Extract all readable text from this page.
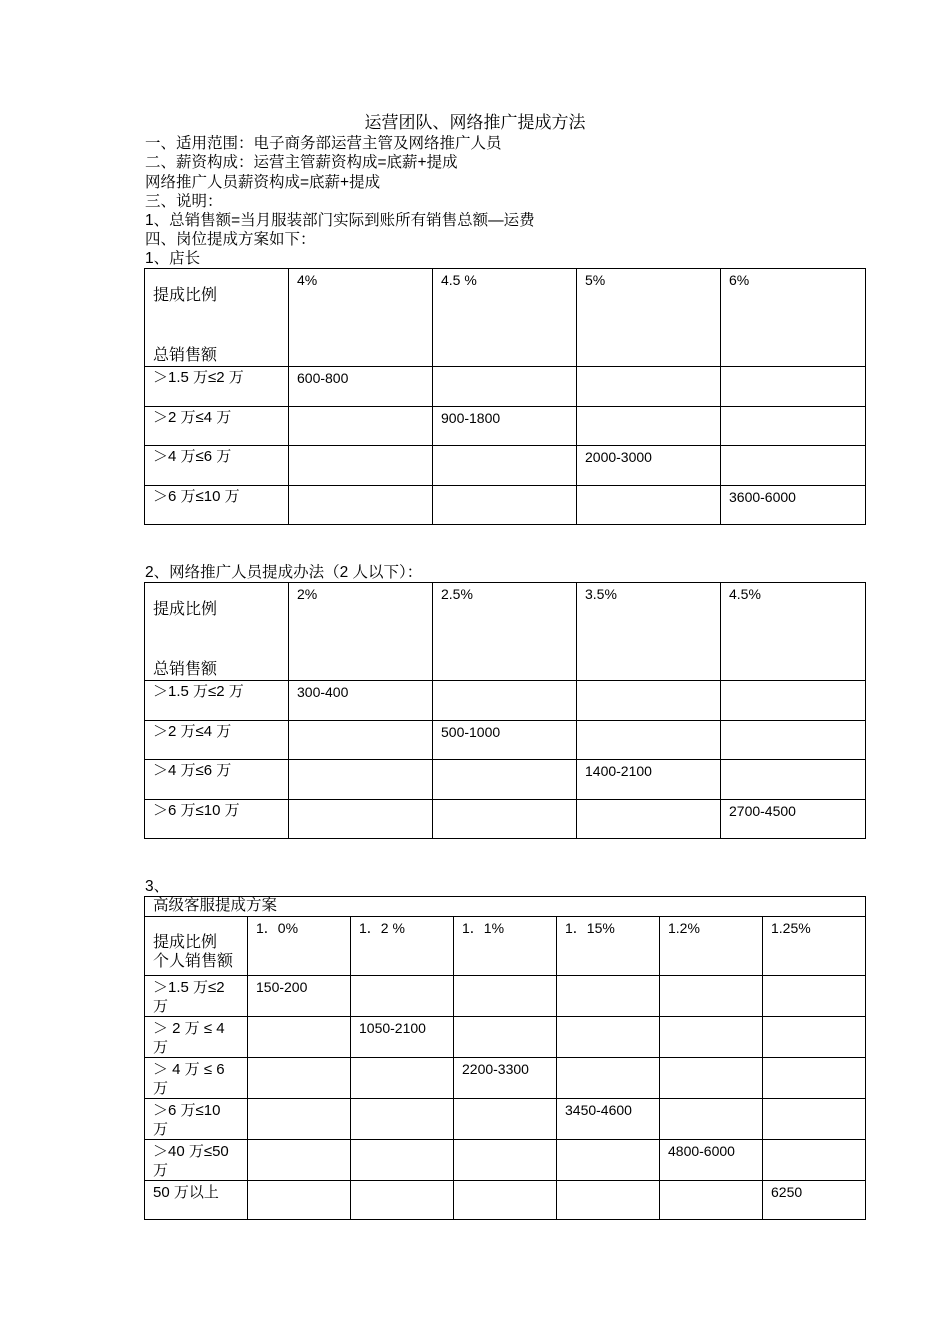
运营团队、网络推广提成方法
一、适用范围：电子商务部运营主管及网络推广人员
二、薪资构成：运营主管薪资构成=底薪+提成
网络推广人员薪资构成=底薪+提成
三、说明：
1、总销售额=当月服装部门实际到账所有销售总额—运费
四、岗位提成方案如下：
1、店长
提成比例
总销售额	4%	4.5 %	5%	6%
＞1.5 万≤2 万	600-800			
＞2 万≤4 万		900-1800		
＞4 万≤6 万			2000-3000	
＞6 万≤10 万				3600-6000
2、网络推广人员提成办法（2 人以下）：
提成比例
总销售额	2%	2.5%	3.5%	4.5%
＞1.5 万≤2 万	300-400			
＞2 万≤4 万		500-1000		
＞4 万≤6 万			1400-2100	
＞6 万≤10 万				2700-4500
3、
高级客服提成方案						

提成比例
个人销售额	1．0%	1．2 %	1．1%	1．15%	1.2%	1.25%
＞1.5 万≤2 万	150-200					
＞ 2 万 ≤ 4 万		1050-2100				
＞ 4 万 ≤ 6 万			2200-3300			
＞6 万≤10 万				3450-4600		
＞40 万≤50 万					4800-6000	
50 万以上						6250
